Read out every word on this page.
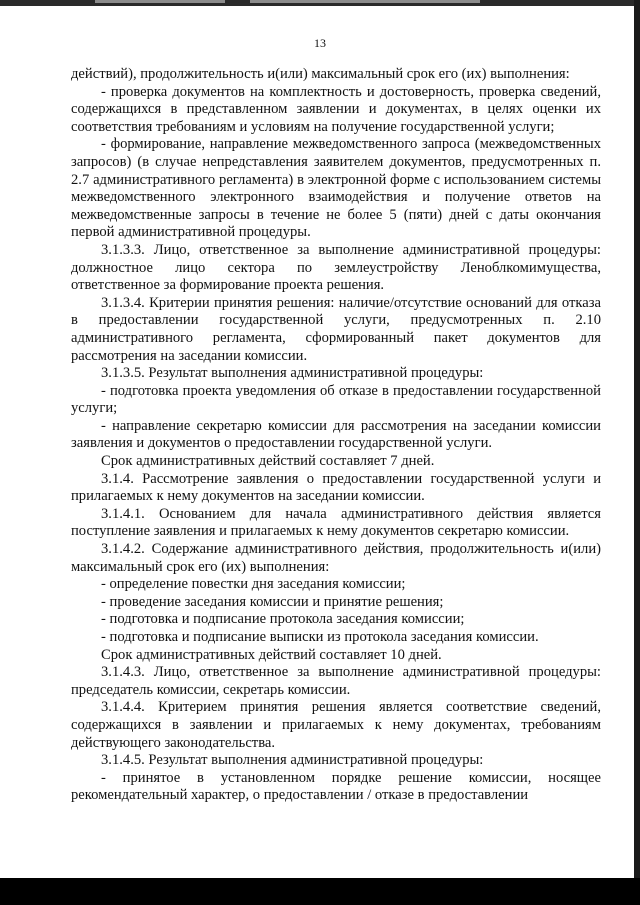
13

действий), продолжительность и(или) максимальный срок его (их) выполнения:

- проверка документов на комплектность и достоверность, проверка сведений, содержащихся в представленном заявлении и документах, в целях оценки их соответствия требованиям и условиям на получение государственной услуги;

- формирование, направление межведомственного запроса (межведомственных запросов) (в случае непредставления заявителем документов, предусмотренных п. 2.7 административного регламента) в электронной форме с использованием системы межведомственного электронного взаимодействия и получение ответов на межведомственные запросы в течение не более 5 (пяти) дней с даты окончания первой административной процедуры.

3.1.3.3. Лицо, ответственное за выполнение административной процедуры: должностное лицо сектора по землеустройству Леноблкомимущества, ответственное за формирование проекта решения.

3.1.3.4. Критерии принятия решения: наличие/отсутствие оснований для отказа в предоставлении государственной услуги, предусмотренных п. 2.10 административного регламента, сформированный пакет документов для рассмотрения на заседании комиссии.

3.1.3.5. Результат выполнения административной процедуры:

- подготовка проекта уведомления об отказе в предоставлении государственной услуги;

- направление секретарю комиссии для рассмотрения на заседании комиссии заявления и документов о предоставлении государственной услуги.

Срок административных действий составляет 7 дней.

3.1.4. Рассмотрение заявления о предоставлении государственной услуги и прилагаемых к нему документов на заседании комиссии.

3.1.4.1. Основанием для начала административного действия является поступление заявления и прилагаемых к нему документов секретарю комиссии.

3.1.4.2. Содержание административного действия, продолжительность и(или) максимальный срок его (их) выполнения:

- определение повестки дня заседания комиссии;

- проведение заседания комиссии и принятие решения;

- подготовка и подписание протокола заседания комиссии;

- подготовка и подписание выписки из протокола заседания комиссии.

Срок административных действий составляет 10 дней.

3.1.4.3. Лицо, ответственное за выполнение административной процедуры: председатель комиссии, секретарь комиссии.

3.1.4.4. Критерием принятия решения является соответствие сведений, содержащихся в заявлении и прилагаемых к нему документах, требованиям действующего законодательства.

3.1.4.5. Результат выполнения административной процедуры:

- принятое в установленном порядке решение комиссии, носящее рекомендательный характер, о предоставлении / отказе в предоставлении
